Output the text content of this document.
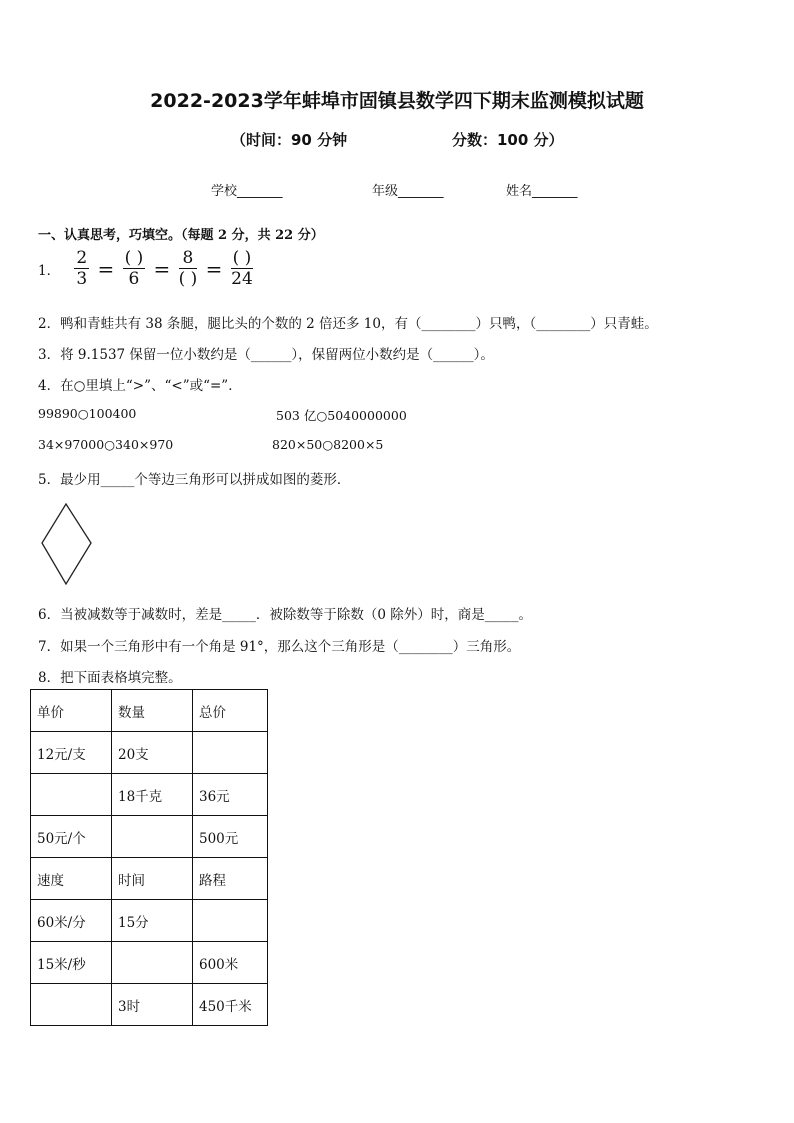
2022-2023学年蚌埠市固镇县数学四下期末监测模拟试题
（时间：90 分钟	分数：100 分）
学校_______	年级_______	姓名_______
一、认真思考，巧填空。（每题 2 分，共 22 分）
1． $\frac{2}{3} = \frac{( )}{6} = \frac{8}{( )} = \frac{( )}{24}$
2．鸭和青蛙共有 38 条腿，腿比头的个数的 2 倍还多 10，有（________）只鸭，（________）只青蛙。
3．将 9.1537 保留一位小数约是（______），保留两位小数约是（______）。
4．在○里填上“>”、“<”或“=”．
99890○100400	503 亿○5040000000
34×97000○340×970	820×50○8200×5
5．最少用_____个等边三角形可以拼成如图的菱形．
6．当被减数等于减数时，差是_____．被除数等于除数（0 除外）时，商是_____。
7．如果一个三角形中有一个角是 91°，那么这个三角形是（________）三角形。
8．把下面表格填完整。
单价	数量	总价
12元/支	20支	
	18千克	36元
50元/个		500元
速度	时间	路程
60米/分	15分	
15米/秒		600米
	3时	450千米
